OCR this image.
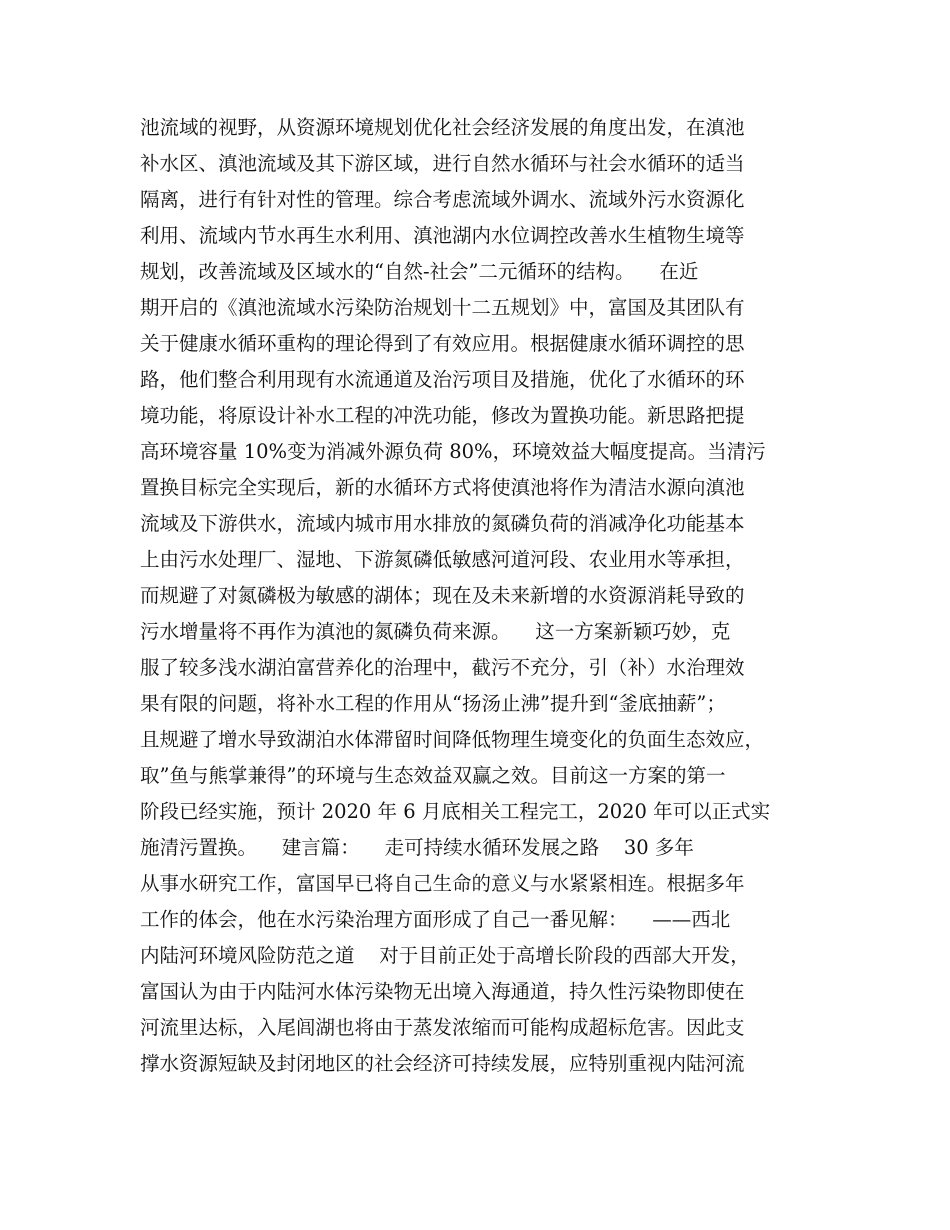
池流域的视野，从资源环境规划优化社会经济发展的角度出发，在滇池
补水区、滇池流域及其下游区域，进行自然水循环与社会水循环的适当
隔离，进行有针对性的管理。综合考虑流域外调水、流域外污水资源化
利用、流域内节水再生水利用、滇池湖内水位调控改善水生植物生境等
规划，改善流域及区域水的“自然-社会”二元循环的结构。    在近
期开启的《滇池流域水污染防治规划十二五规划》中，富国及其团队有
关于健康水循环重构的理论得到了有效应用。根据健康水循环调控的思
路，他们整合利用现有水流通道及治污项目及措施，优化了水循环的环
境功能，将原设计补水工程的冲洗功能，修改为置换功能。新思路把提
高环境容量 10%变为消减外源负荷 80%，环境效益大幅度提高。当清污
置换目标完全实现后，新的水循环方式将使滇池将作为清洁水源向滇池
流域及下游供水，流域内城市用水排放的氮磷负荷的消减净化功能基本
上由污水处理厂、湿地、下游氮磷低敏感河道河段、农业用水等承担，
而规避了对氮磷极为敏感的湖体；现在及未来新增的水资源消耗导致的
污水增量将不再作为滇池的氮磷负荷来源。    这一方案新颖巧妙，克
服了较多浅水湖泊富营养化的治理中，截污不充分，引（补）水治理效
果有限的问题，将补水工程的作用从“扬汤止沸”提升到“釜底抽薪”；
且规避了增水导致湖泊水体滞留时间降低物理生境变化的负面生态效应，
取”鱼与熊掌兼得”的环境与生态效益双赢之效。目前这一方案的第一
阶段已经实施，预计 2020 年 6 月底相关工程完工，2020 年可以正式实
施清污置换。    建言篇：    走可持续水循环发展之路    30 多年
从事水研究工作，富国早已将自己生命的意义与水紧紧相连。根据多年
工作的体会，他在水污染治理方面形成了自己一番见解：    ——西北
内陆河环境风险防范之道    对于目前正处于高增长阶段的西部大开发，
富国认为由于内陆河水体污染物无出境入海通道，持久性污染物即使在
河流里达标，入尾闾湖也将由于蒸发浓缩而可能构成超标危害。因此支
撑水资源短缺及封闭地区的社会经济可持续发展，应特别重视内陆河流
